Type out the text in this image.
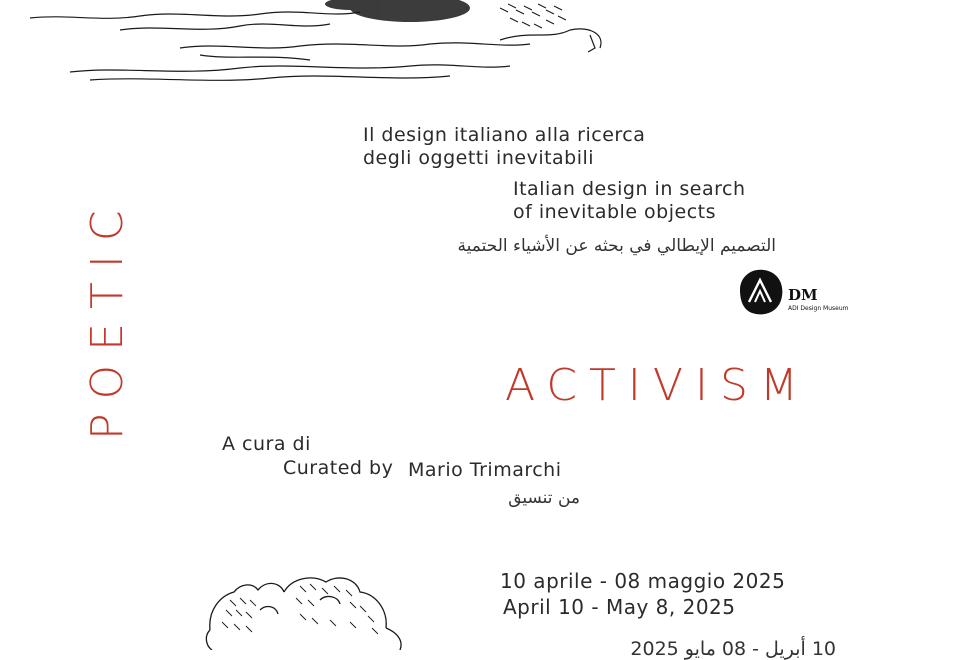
Il design italiano alla ricerca
degli oggetti inevitabili
Italian design in search
of inevitable objects
التصميم الإيطالي في بحثه عن الأشياء الحتمية
DM
ADI Design Museum
POETIC	ACTIVISM
A cura di
Curated by Mario Trimarchi
من تنسيق
10 aprile - 08 maggio 2025
April 10 - May 8, 2025
10 أبريل - 08 مايو 2025
